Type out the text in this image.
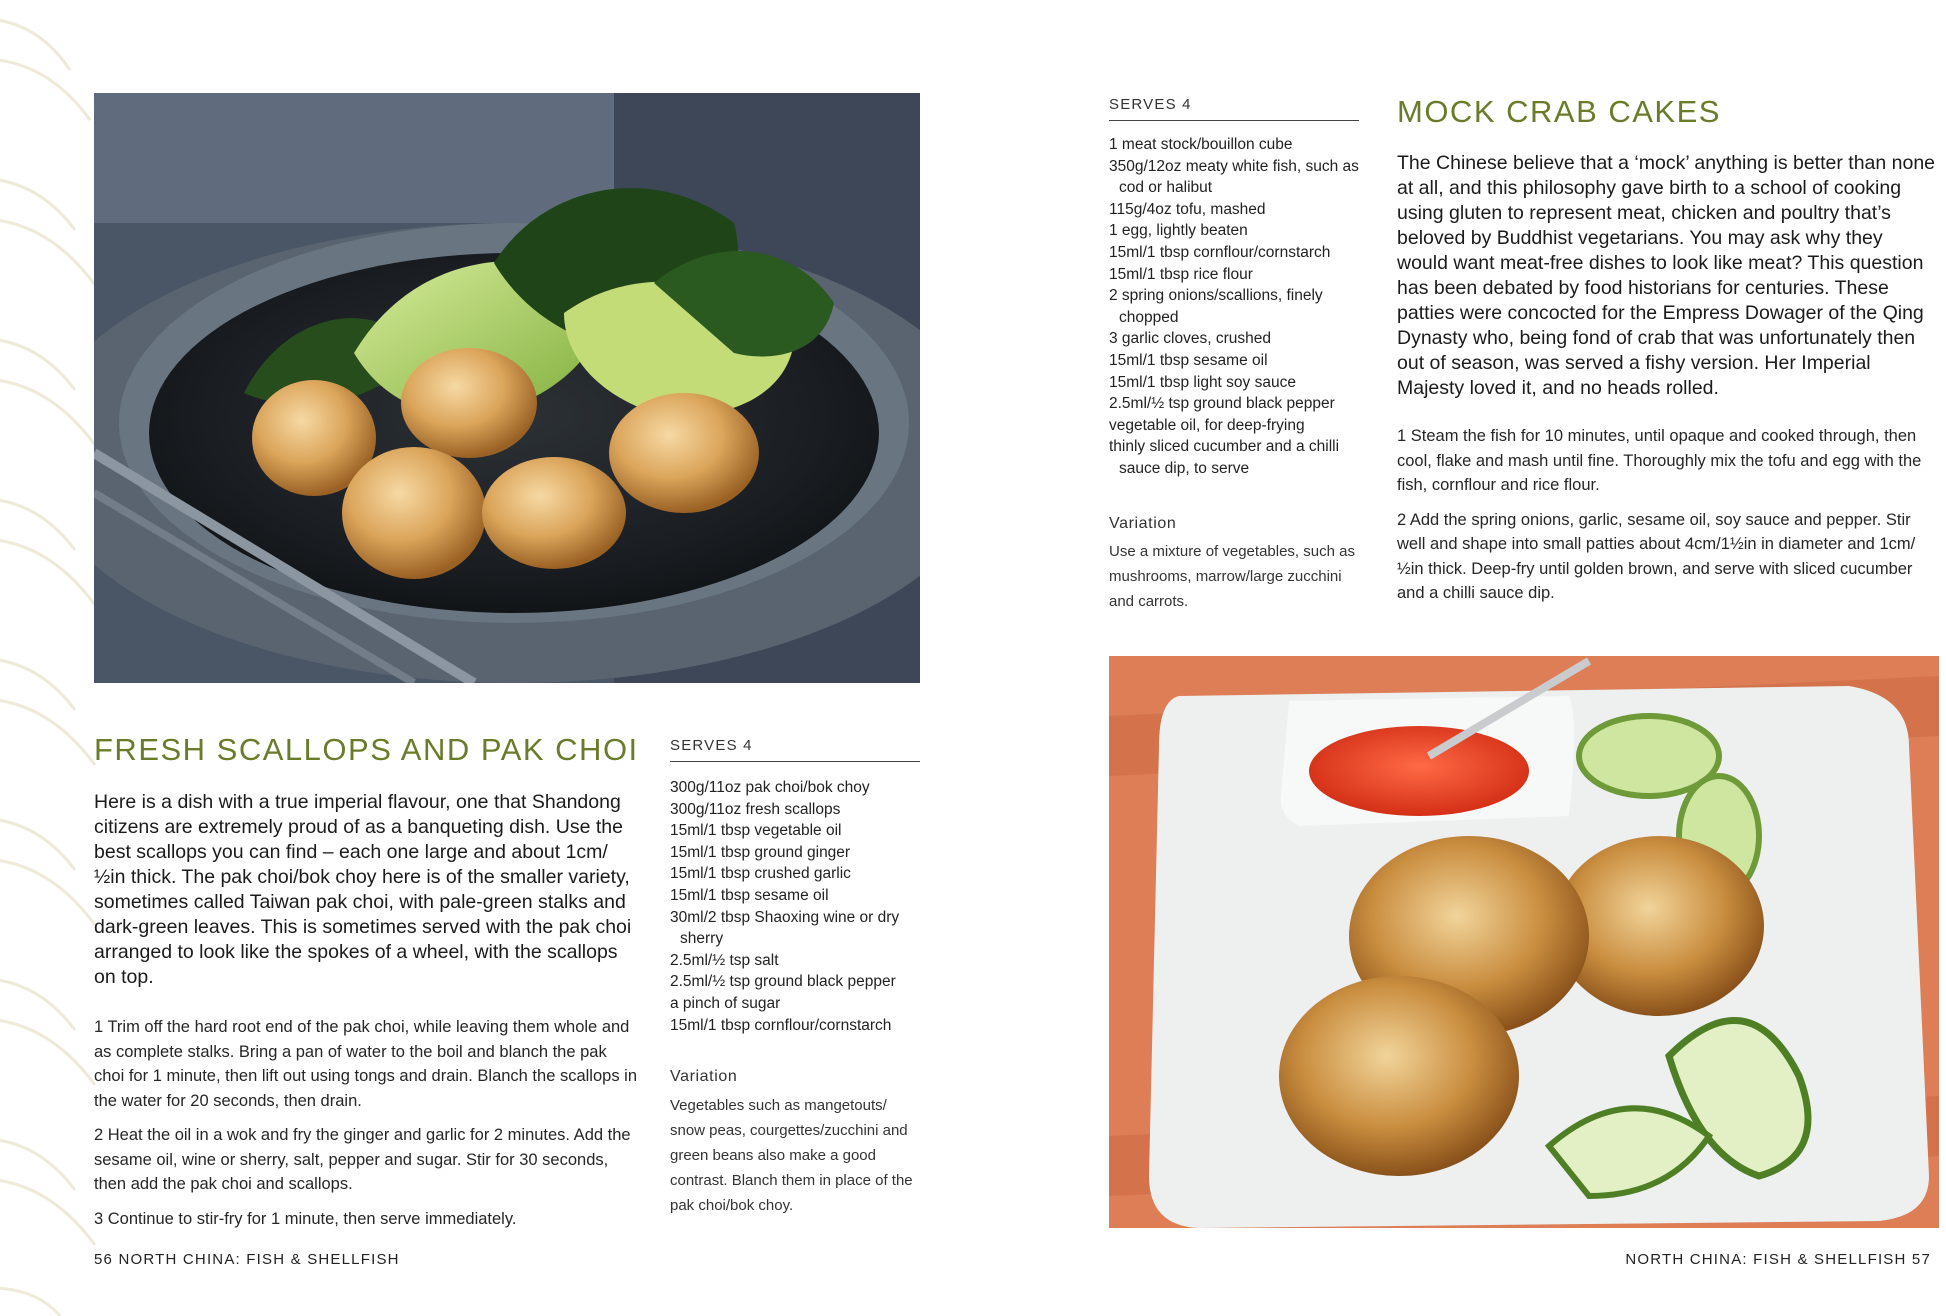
FRESH SCALLOPS AND PAK CHOI

Here is a dish with a true imperial flavour, one that Shandong citizens are extremely proud of as a banqueting dish. Use the best scallops you can find – each one large and about 1cm/½in thick. The pak choi/bok choy here is of the smaller variety, sometimes called Taiwan pak choi, with pale-green stalks and dark-green leaves. This is sometimes served with the pak choi arranged to look like the spokes of a wheel, with the scallops on top.

1 Trim off the hard root end of the pak choi, while leaving them whole and as complete stalks. Bring a pan of water to the boil and blanch the pak choi for 1 minute, then lift out using tongs and drain. Blanch the scallops in the water for 20 seconds, then drain.

2 Heat the oil in a wok and fry the ginger and garlic for 2 minutes. Add the sesame oil, wine or sherry, salt, pepper and sugar. Stir for 30 seconds, then add the pak choi and scallops.

3 Continue to stir-fry for 1 minute, then serve immediately.

SERVES 4
300g/11oz pak choi/bok choy
300g/11oz fresh scallops
15ml/1 tbsp vegetable oil
15ml/1 tbsp ground ginger
15ml/1 tbsp crushed garlic
15ml/1 tbsp sesame oil
30ml/2 tbsp Shaoxing wine or dry sherry
2.5ml/½ tsp salt
2.5ml/½ tsp ground black pepper
a pinch of sugar
15ml/1 tbsp cornflour/cornstarch
Variation

Vegetables such as mangetouts/ snow peas, courgettes/zucchini and green beans also make a good contrast. Blanch them in place of the pak choi/bok choy.

56 NORTH CHINA: FISH & SHELLFISH
SERVES 4
1 meat stock/bouillon cube
350g/12oz meaty white fish, such as cod or halibut
115g/4oz tofu, mashed
1 egg, lightly beaten
15ml/1 tbsp cornflour/cornstarch
15ml/1 tbsp rice flour
2 spring onions/scallions, finely chopped
3 garlic cloves, crushed
15ml/1 tbsp sesame oil
15ml/1 tbsp light soy sauce
2.5ml/½ tsp ground black pepper
vegetable oil, for deep-frying
thinly sliced cucumber and a chilli sauce dip, to serve
Variation

Use a mixture of vegetables, such as mushrooms, marrow/large zucchini and carrots.

MOCK CRAB CAKES

The Chinese believe that a ‘mock’ anything is better than none at all, and this philosophy gave birth to a school of cooking using gluten to represent meat, chicken and poultry that’s beloved by Buddhist vegetarians. You may ask why they would want meat-free dishes to look like meat? This question has been debated by food historians for centuries. These patties were concocted for the Empress Dowager of the Qing Dynasty who, being fond of crab that was unfortunately then out of season, was served a fishy version. Her Imperial Majesty loved it, and no heads rolled.

1 Steam the fish for 10 minutes, until opaque and cooked through, then cool, flake and mash until fine. Thoroughly mix the tofu and egg with the fish, cornflour and rice flour.

2 Add the spring onions, garlic, sesame oil, soy sauce and pepper. Stir well and shape into small patties about 4cm/1½in in diameter and 1cm/½in thick. Deep-fry until golden brown, and serve with sliced cucumber and a chilli sauce dip.

NORTH CHINA: FISH & SHELLFISH 57
